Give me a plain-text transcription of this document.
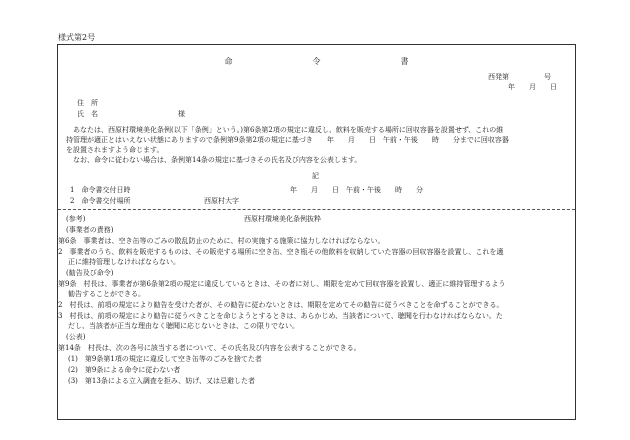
様式第2号
命　令　書
西発第　　　　　号
年　　月　　日
住　所
氏　名	様
　あなたは、西原村環境美化条例(以下「条例」という。)第6条第2項の規定に違反し、飲料を販売する場所に回収容器を設置せず、これの維
持管理が適正とはいえない状態にありますので条例第9条第2項の規定に基づき　　年　　月　　日　午前・午後　　時　　分までに回収容器
を設置されますよう命じます。
　なお、命令に従わない場合は、条例第14条の規定に基づきその氏名及び内容を公表します。
記
1　命令書交付日時	年　　月　　日　午前・午後　　時　　分
2　命令書交付場所	西原村大字
(参考)	西原村環境美化条例抜粋
(事業者の責務)
第6条　事業者は、空き缶等のごみの散乱防止のために、村の実施する施策に協力しなければならない。
2　事業者のうち、飲料を販売するものは、その販売する場所に空き缶、空き瓶その他飲料を収納していた容器の回収容器を設置し、これを適
正に維持管理しなければならない。
(勧告及び命令)
第9条　村長は、事業者が第6条第2項の規定に違反しているときは、その者に対し、期限を定めて回収容器を設置し、適正に維持管理するよう
勧告することができる。
2　村長は、前項の規定により勧告を受けた者が、その勧告に従わないときは、期限を定めてその勧告に従うべきことを命ずることができる。
3　村長は、前項の規定により勧告に従うべきことを命じようとするときは、あらかじめ、当該者について、聴聞を行わなければならない。た
だし、当該者が正当な理由なく聴聞に応じないときは、この限りでない。
(公表)
第14条　村長は、次の各号に該当する者について、その氏名及び内容を公表することができる。
(1)　第9条第1項の規定に違反して空き缶等のごみを捨てた者
(2)　第9条による命令に従わない者
(3)　第13条による立入調査を拒み、妨げ、又は忌避した者
